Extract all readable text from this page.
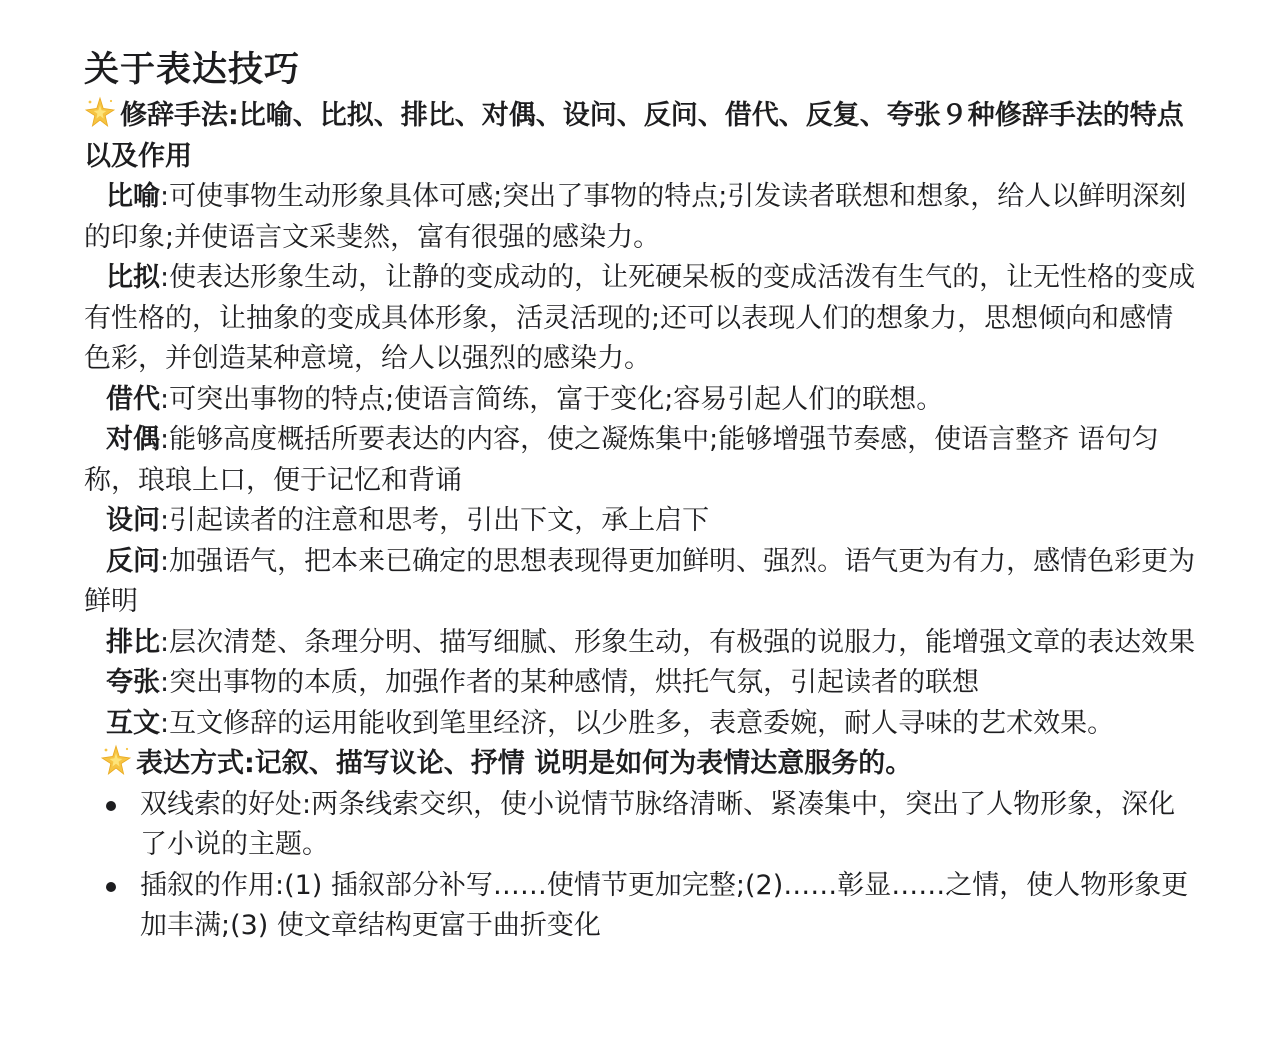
关于表达技巧

修辞手法:比喻、比拟、排比、对偶、设问、反问、借代、反复、夸张９种修辞手法的特点以及作用

比喻:可使事物生动形象具体可感;突出了事物的特点;引发读者联想和想象，给人以鲜明深刻的印象;并使语言文采斐然，富有很强的感染力。

比拟:使表达形象生动，让静的变成动的，让死硬呆板的变成活泼有生气的，让无性格的变成有性格的，让抽象的变成具体形象，活灵活现的;还可以表现人们的想象力，思想倾向和感情色彩，并创造某种意境，给人以强烈的感染力。

借代:可突出事物的特点;使语言简练，富于变化;容易引起人们的联想。

对偶:能够高度概括所要表达的内容，使之凝炼集中;能够增强节奏感，使语言整齐 语句匀称，琅琅上口，便于记忆和背诵

设问:引起读者的注意和思考，引出下文，承上启下

反问:加强语气，把本来已确定的思想表现得更加鲜明、强烈。语气更为有力，感情色彩更为鲜明

排比:层次清楚、条理分明、描写细腻、形象生动，有极强的说服力，能增强文章的表达效果

夸张:突出事物的本质，加强作者的某种感情，烘托气氛，引起读者的联想

互文:互文修辞的运用能收到笔里经济，以少胜多，表意委婉，耐人寻味的艺术效果。

表达方式:记叙、描写议论、抒情 说明是如何为表情达意服务的。

双线索的好处:两条线索交织，使小说情节脉络清晰、紧凑集中，突出了人物形象，深化了小说的主题。
插叙的作用:(1) 插叙部分补写……使情节更加完整;(2)……彰显……之情，使人物形象更加丰满;(3) 使文章结构更富于曲折变化
